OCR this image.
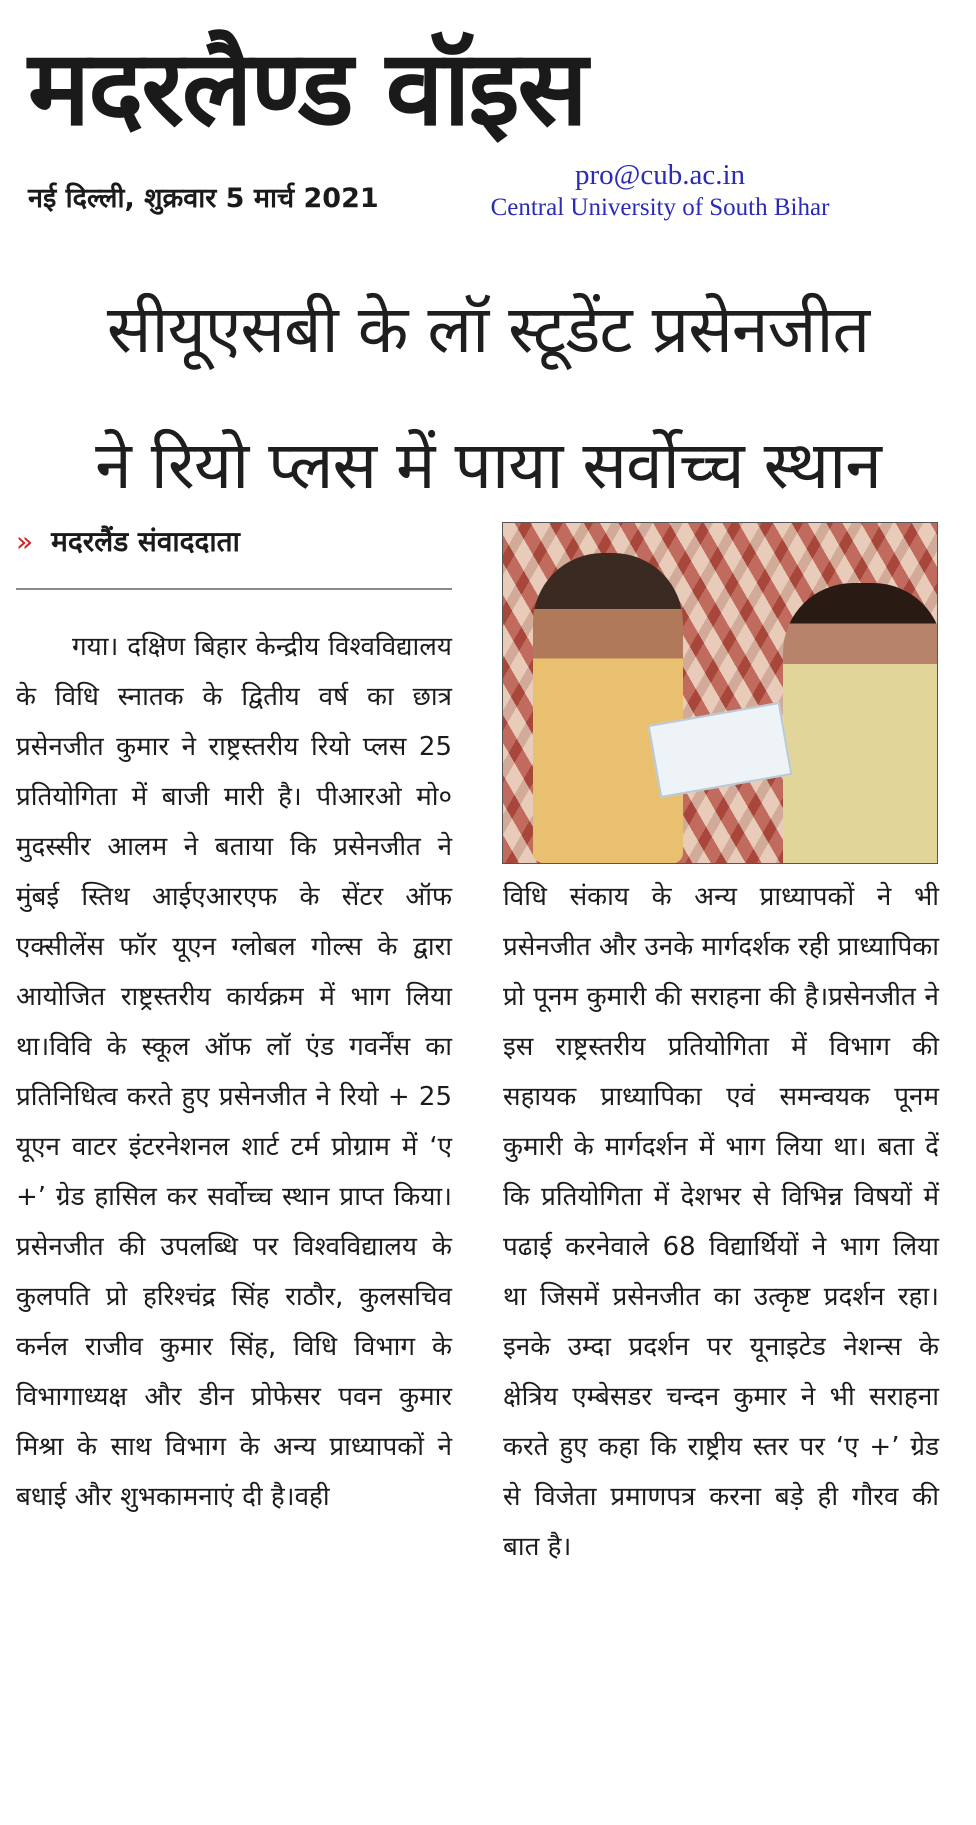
मदरलैण्ड वॉइस
नई दिल्ली, शुक्रवार 5 मार्च 2021
pro@cub.ac.in
Central University of South Bihar
सीयूएसबी के लॉ स्टूडेंट प्रसेनजीत
ने रियो प्लस में पाया सर्वोच्च स्थान
» मदरलैंड संवाददाता

गया। दक्षिण बिहार केन्द्रीय विश्वविद्यालय के विधि स्नातक के द्वितीय वर्ष का छात्र प्रसेनजीत कुमार ने राष्ट्रस्तरीय रियो प्लस 25 प्रतियोगिता में बाजी मारी है। पीआरओ मो० मुदस्सीर आलम ने बताया कि प्रसेनजीत ने मुंबई स्तिथ आईएआरएफ के सेंटर ऑफ एक्सीलेंस फॉर यूएन ग्लोबल गोल्स के द्वारा आयोजित राष्ट्रस्तरीय कार्यक्रम में भाग लिया था।विवि के स्कूल ऑफ लॉ एंड गवर्नेंस का प्रतिनिधित्व करते हुए प्रसेनजीत ने रियो + 25 यूएन वाटर इंटरनेशनल शार्ट टर्म प्रोग्राम में ‘ए +’ ग्रेड हासिल कर सर्वोच्च स्थान प्राप्त किया।प्रसेनजीत की उपलब्धि पर विश्वविद्यालय के कुलपति प्रो हरिश्चंद्र सिंह राठौर, कुलसचिव कर्नल राजीव कुमार सिंह, विधि विभाग के विभागाध्यक्ष और डीन प्रोफेसर पवन कुमार मिश्रा के साथ विभाग के अन्य प्राध्यापकों ने बधाई और शुभकामनाएं दी है।वही

विधि संकाय के अन्य प्राध्यापकों ने भी प्रसेनजीत और उनके मार्गदर्शक रही प्राध्यापिका प्रो पूनम कुमारी की सराहना की है।प्रसेनजीत ने इस राष्ट्रस्तरीय प्रतियोगिता में विभाग की सहायक प्राध्यापिका एवं समन्वयक पूनम कुमारी के मार्गदर्शन में भाग लिया था। बता दें कि प्रतियोगिता में देशभर से विभिन्न विषयों में पढाई करनेवाले 68 विद्यार्थियों ने भाग लिया था जिसमें प्रसेनजीत का उत्कृष्ट प्रदर्शन रहा।इनके उम्दा प्रदर्शन पर यूनाइटेड नेशन्स के क्षेत्रिय एम्बेसडर चन्दन कुमार ने भी सराहना करते हुए कहा कि राष्ट्रीय स्तर पर ‘ए +’ ग्रेड से विजेता प्रमाणपत्र करना बड़े ही गौरव की बात है।
